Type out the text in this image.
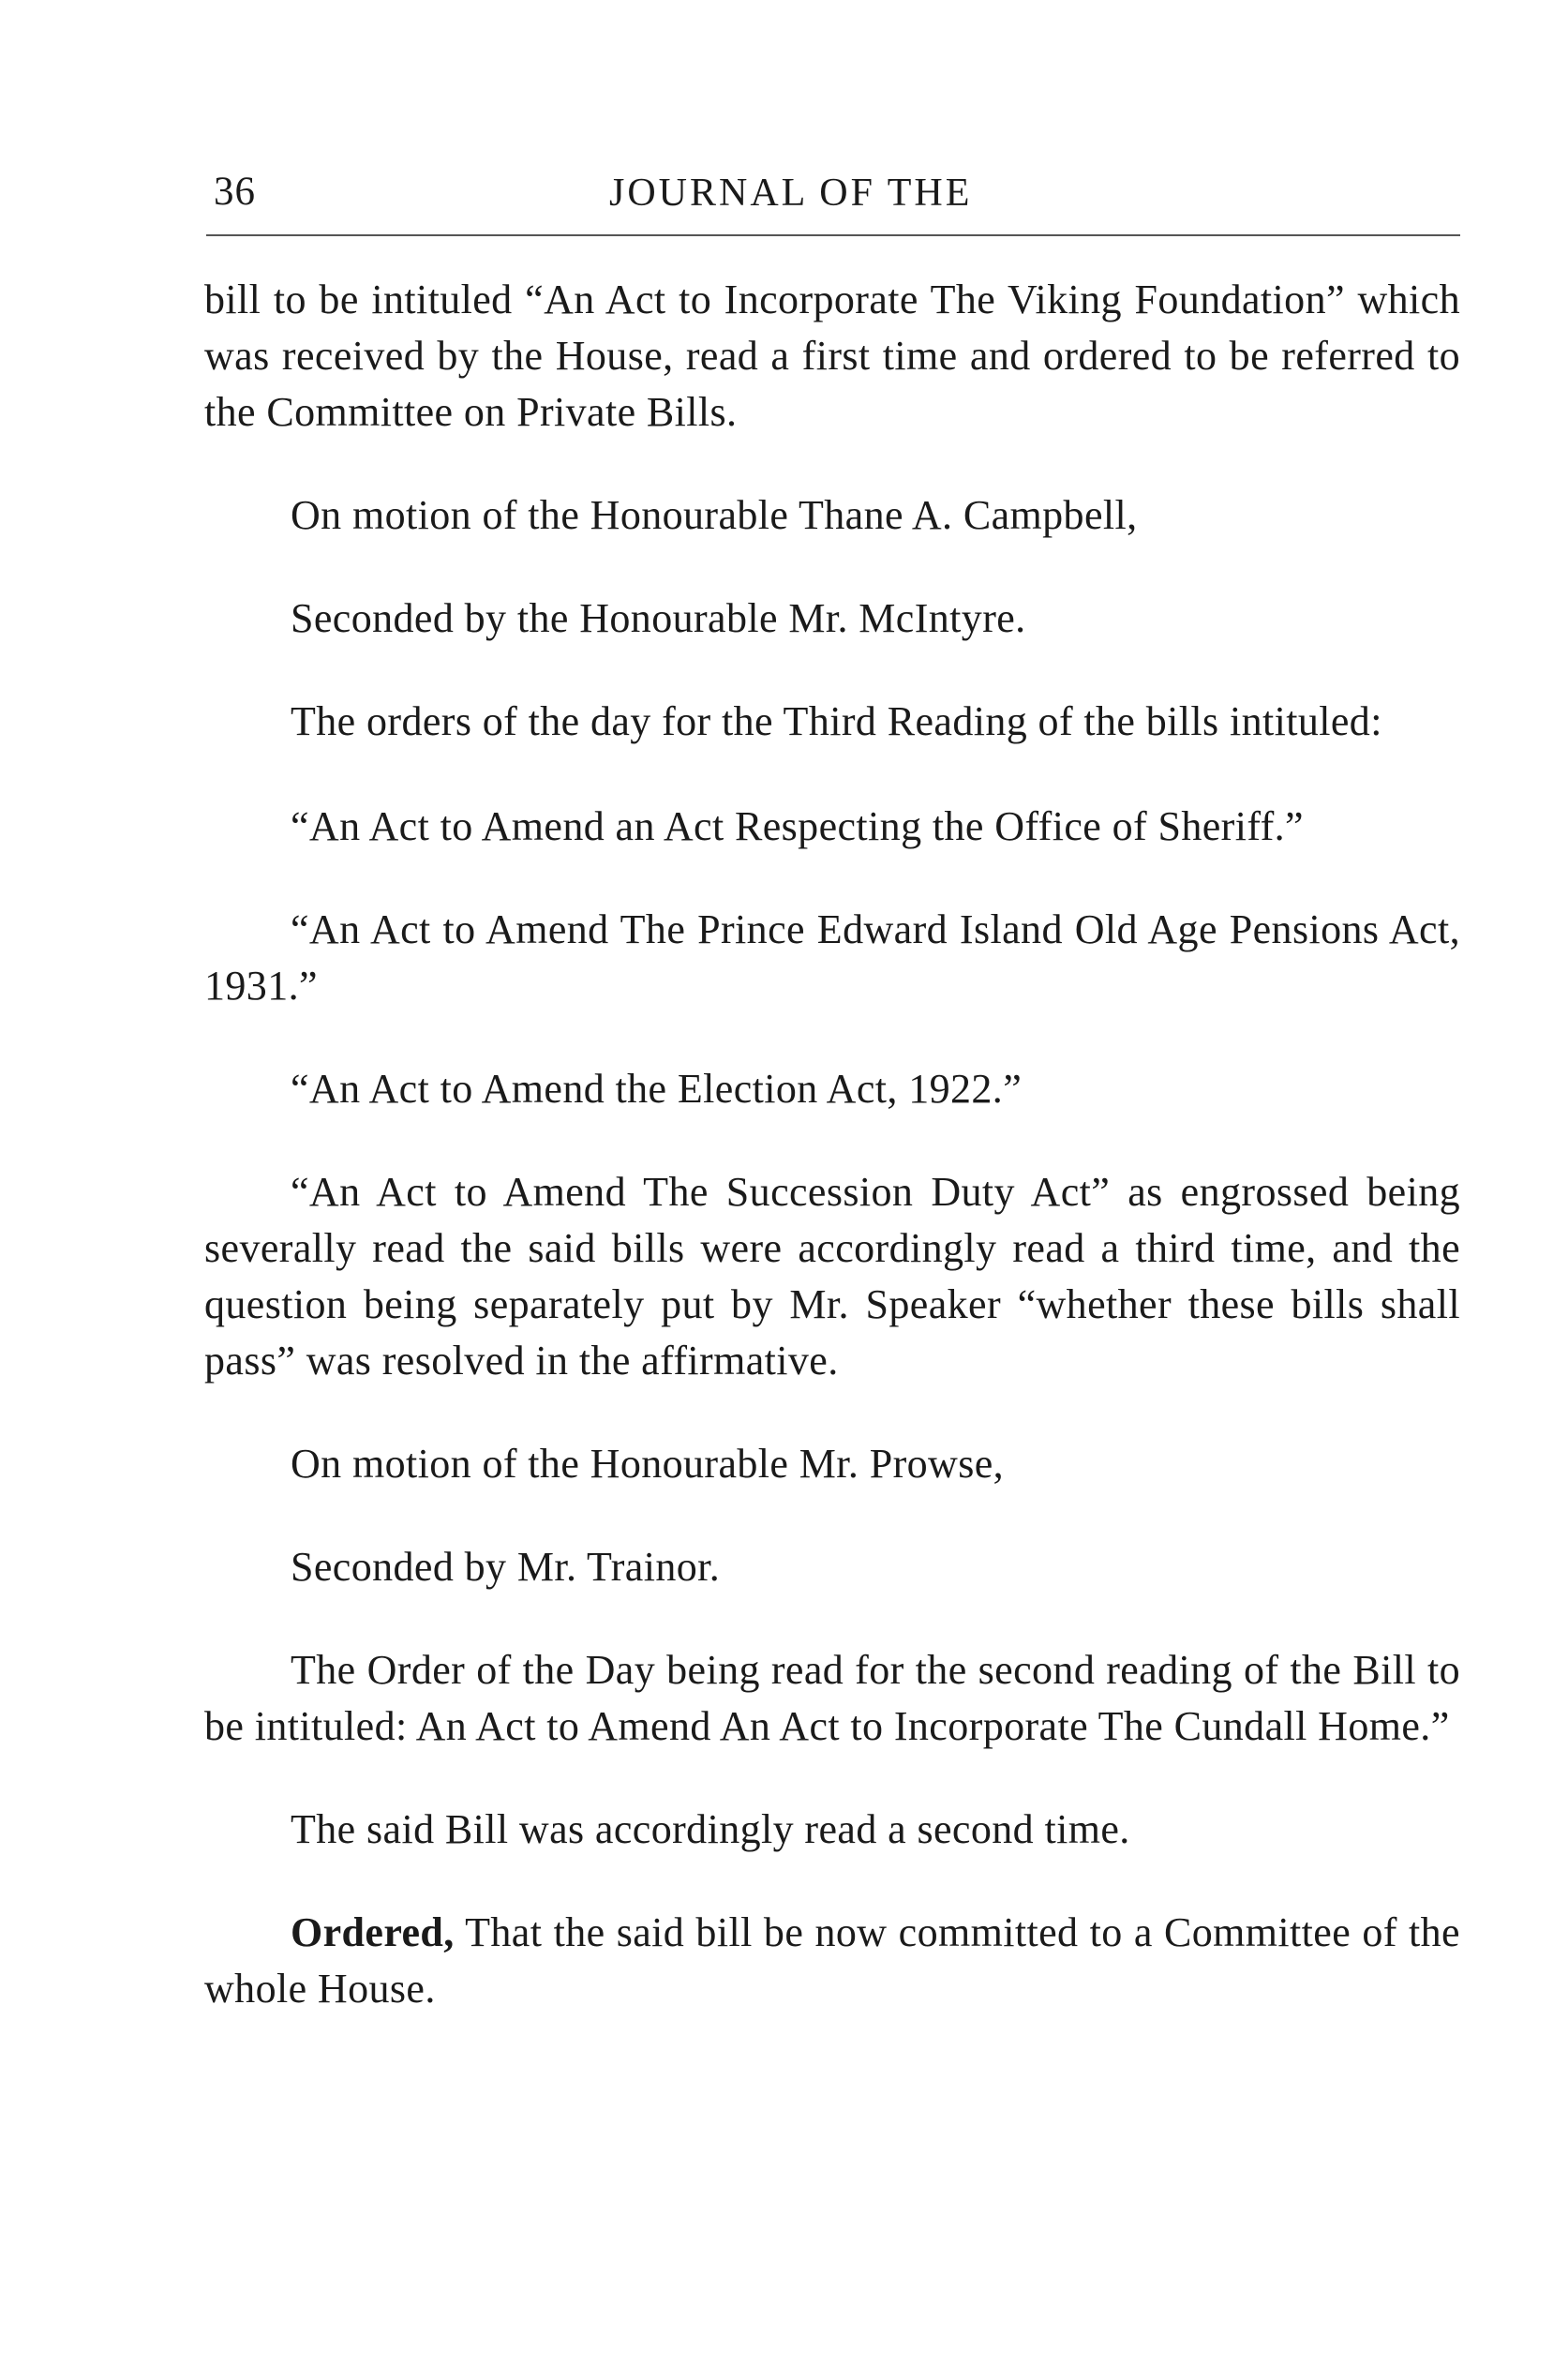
36	JOURNAL OF THE

bill to be intituled “An Act to Incorporate The Viking Foundation” which was received by the House, read a first time and ordered to be referred to the Committee on Private Bills.

On motion of the Honourable Thane A. Campbell,

Seconded by the Honourable Mr. McIntyre.

The orders of the day for the Third Reading of the bills intituled:

“An Act to Amend an Act Respecting the Office of Sheriff.”

“An Act to Amend The Prince Edward Island Old Age Pensions Act, 1931.”

“An Act to Amend the Election Act, 1922.”

“An Act to Amend The Succession Duty Act” as engrossed being severally read the said bills were accordingly read a third time, and the question being separately put by Mr. Speaker “whether these bills shall pass” was resolved in the affirmative.

On motion of the Honourable Mr. Prowse,

Seconded by Mr. Trainor.

The Order of the Day being read for the second reading of the Bill to be intituled: An Act to Amend An Act to Incorporate The Cundall Home.”

The said Bill was accordingly read a second time.

Ordered, That the said bill be now committed to a Committee of the whole House.
